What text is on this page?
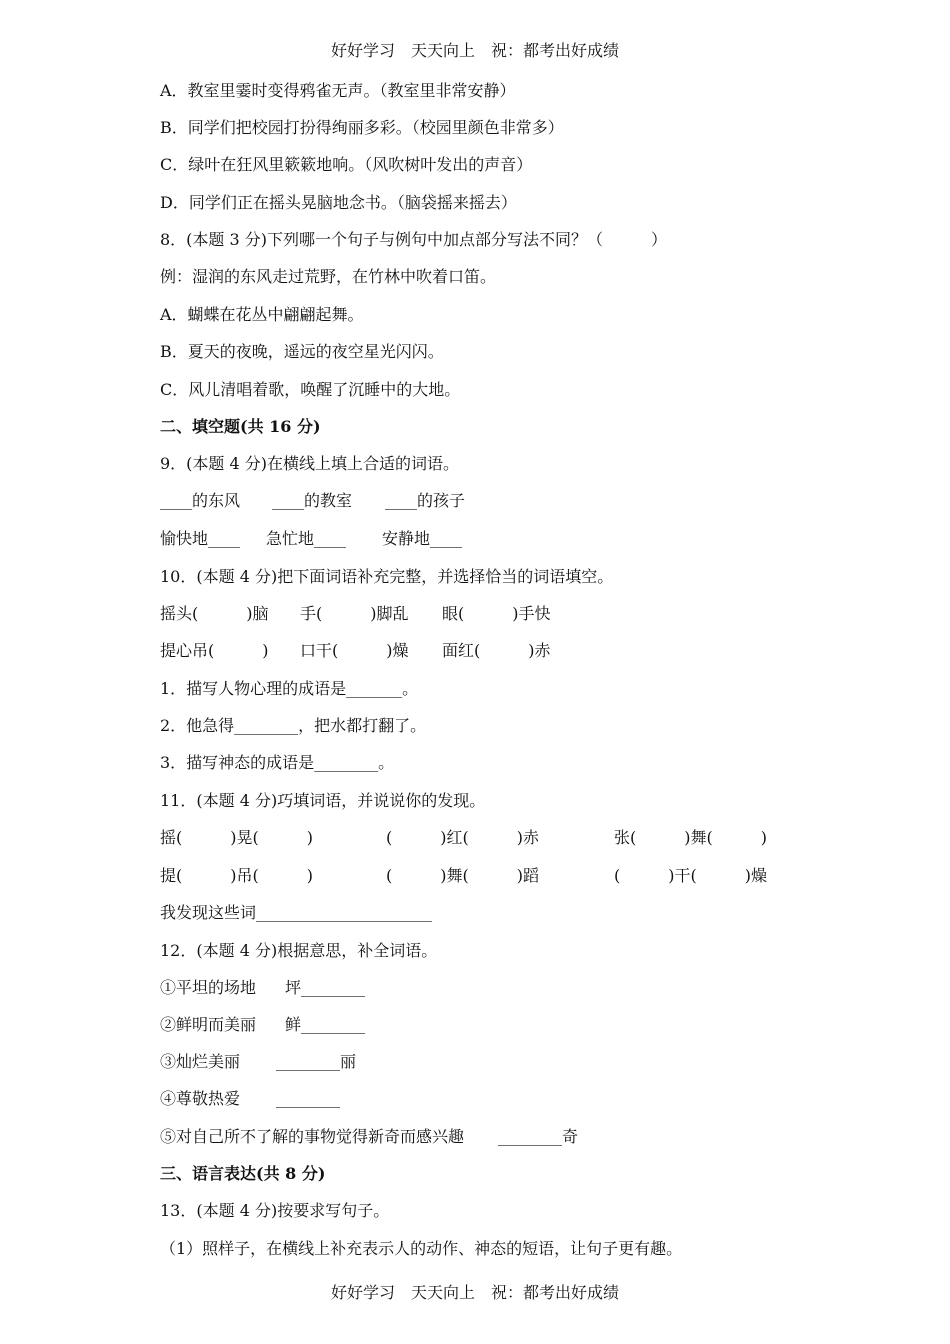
好好学习　天天向上　祝：都考出好成绩
A．教室里霎时变得鸦雀无声。（教室里非常安静）
B．同学们把校园打扮得绚丽多彩。（校园里颜色非常多）
C．绿叶在狂风里簌簌地响。（风吹树叶发出的声音）
D．同学们正在摇头晃脑地念书。（脑袋摇来摇去）
8．(本题 3 分)下列哪一个句子与例句中加点部分写法不同？（　　　）
例：湿润的东风走过荒野，在竹林中吹着口笛。
A．蝴蝶在花丛中翩翩起舞。
B．夏天的夜晚，遥远的夜空星光闪闪。
C．风儿清唱着歌，唤醒了沉睡中的大地。
二、填空题(共 16 分)
9．(本题 4 分)在横线上填上合适的词语。
____的东风 ____的教室 ____的孩子
愉快地____ 急忙地____ 安静地____
10．(本题 4 分)把下面词语补充完整，并选择恰当的词语填空。
摇头(　　　)脑 手(　　　)脚乱 眼(　　　)手快
提心吊(　　　) 口干(　　　)燥 面红(　　　)赤
1．描写人物心理的成语是_______。
2．他急得________，把水都打翻了。
3．描写神态的成语是________。
11．(本题 4 分)巧填词语，并说说你的发现。
摇(　　　)晃(　　　)	(　　　)红(　　　)赤	张(　　　)舞(　　　)
提(　　　)吊(　　　)	(　　　)舞(　　　)蹈	(　　　)干(　　　)燥
我发现这些词______________________
12．(本题 4 分)根据意思，补全词语。
①平坦的场地 坪________
②鲜明而美丽 鲜________
③灿烂美丽 ________丽
④尊敬热爱 ________
⑤对自己所不了解的事物觉得新奇而感兴趣 ________奇
三、语言表达(共 8 分)
13．(本题 4 分)按要求写句子。
（1）照样子，在横线上补充表示人的动作、神态的短语，让句子更有趣。
好好学习　天天向上　祝：都考出好成绩
